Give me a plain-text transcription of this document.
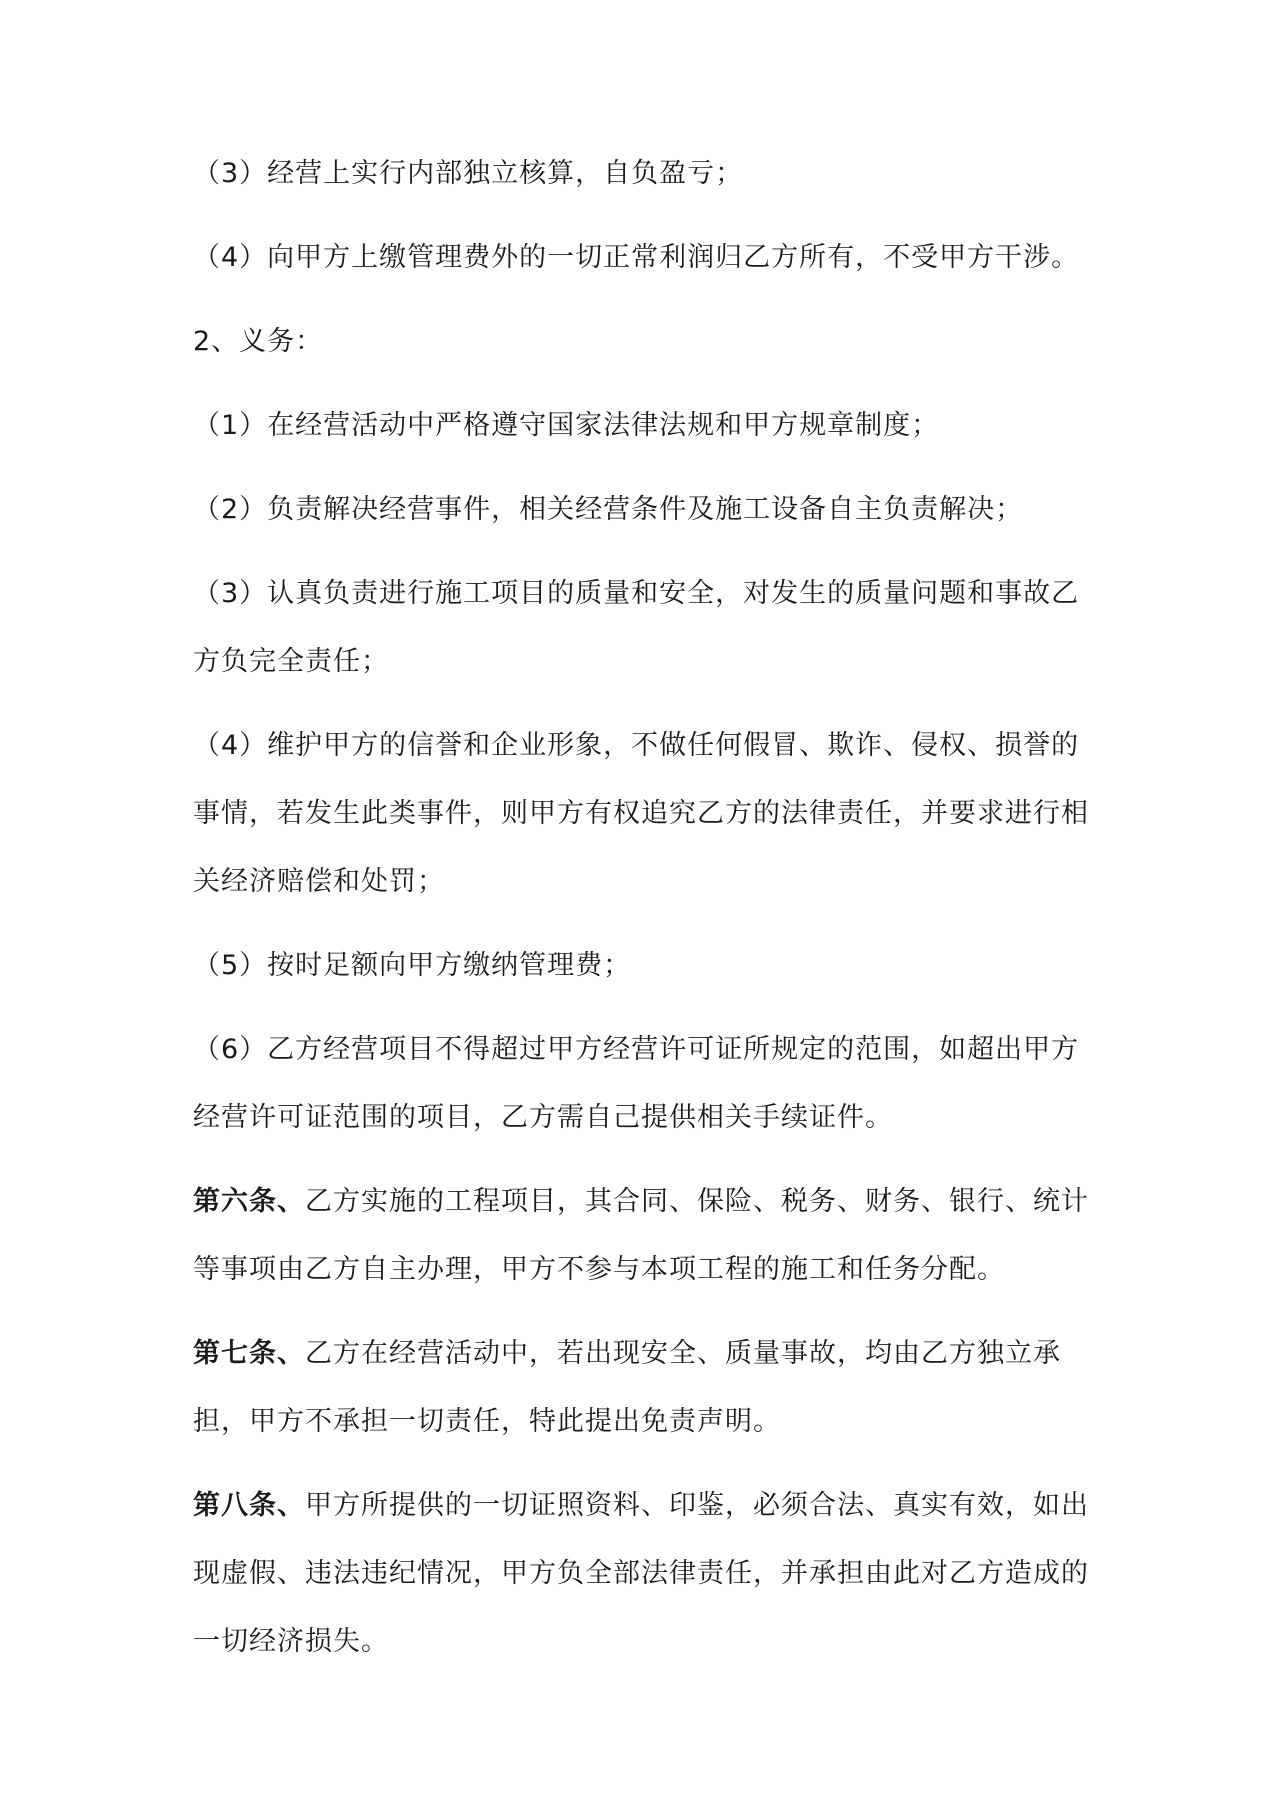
（3）经营上实行内部独立核算，自负盈亏；

（4）向甲方上缴管理费外的一切正常利润归乙方所有，不受甲方干涉。

2、义务：

（1）在经营活动中严格遵守国家法律法规和甲方规章制度；

（2）负责解决经营事件，相关经营条件及施工设备自主负责解决；

（3）认真负责进行施工项目的质量和安全，对发生的质量问题和事故乙方负完全责任；

（4）维护甲方的信誉和企业形象，不做任何假冒、欺诈、侵权、损誉的事情，若发生此类事件，则甲方有权追究乙方的法律责任，并要求进行相关经济赔偿和处罚；

（5）按时足额向甲方缴纳管理费；

（6）乙方经营项目不得超过甲方经营许可证所规定的范围，如超出甲方经营许可证范围的项目，乙方需自己提供相关手续证件。

第六条、乙方实施的工程项目，其合同、保险、税务、财务、银行、统计等事项由乙方自主办理，甲方不参与本项工程的施工和任务分配。

第七条、乙方在经营活动中，若出现安全、质量事故，均由乙方独立承担，甲方不承担一切责任，特此提出免责声明。

第八条、甲方所提供的一切证照资料、印鉴，必须合法、真实有效，如出现虚假、违法违纪情况，甲方负全部法律责任，并承担由此对乙方造成的一切经济损失。
